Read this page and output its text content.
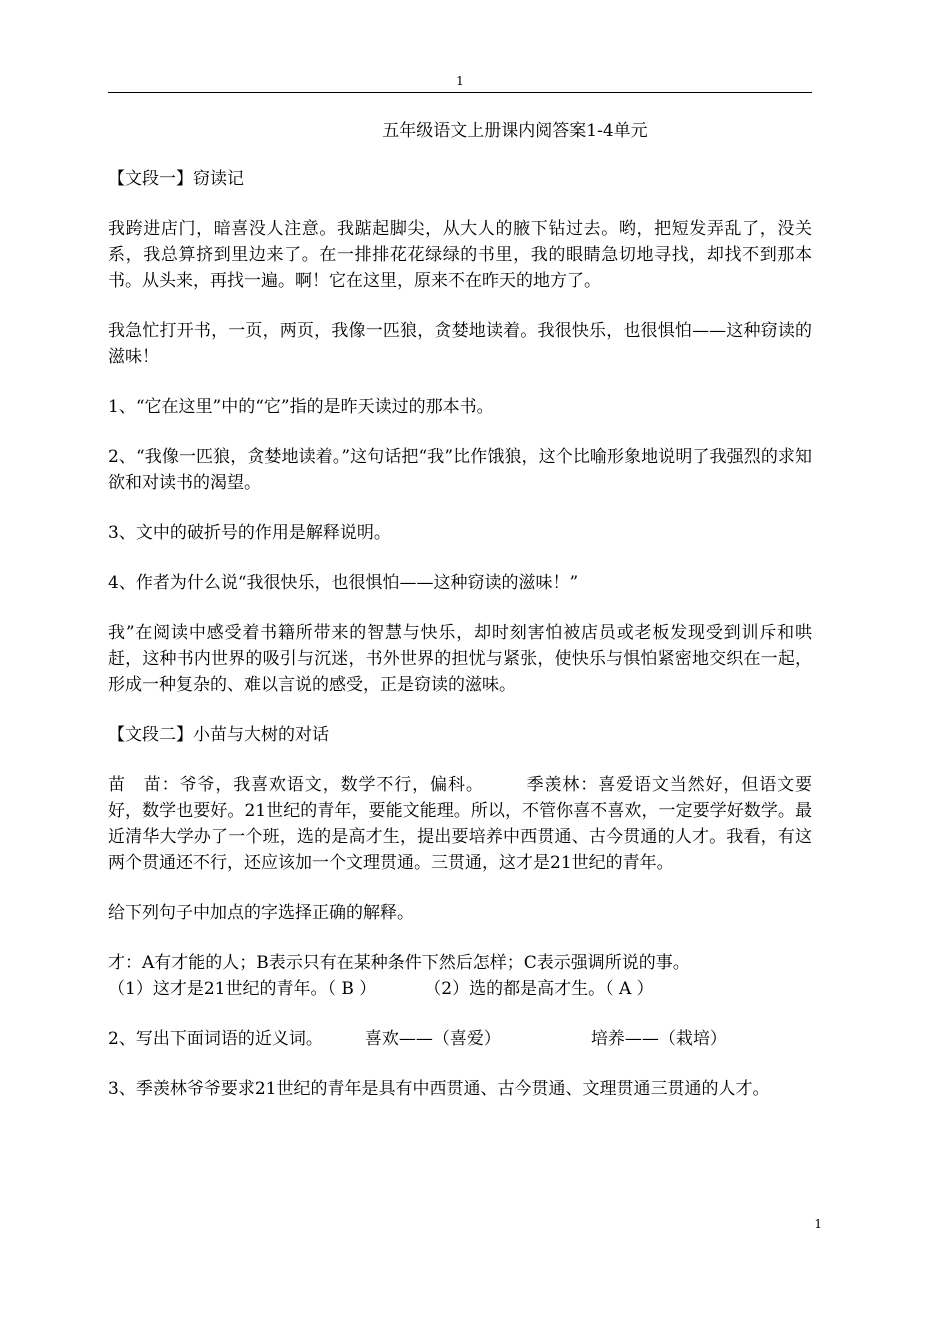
1

五年级语文上册课内阅答案1-4单元

【文段一】窃读记

我跨进店门，暗喜没人注意。我踮起脚尖，从大人的腋下钻过去。哟，把短发弄乱了，没关系，我总算挤到里边来了。在一排排花花绿绿的书里，我的眼睛急切地寻找，却找不到那本书。从头来，再找一遍。啊！它在这里，原来不在昨天的地方了。

我急忙打开书，一页，两页，我像一匹狼，贪婪地读着。我很快乐，也很惧怕——这种窃读的滋味！

1、“它在这里”中的“它”指的是昨天读过的那本书。

2、“我像一匹狼，贪婪地读着。”这句话把“我”比作饿狼，这个比喻形象地说明了我强烈的求知欲和对读书的渴望。

3、文中的破折号的作用是解释说明。

4、作者为什么说“我很快乐，也很惧怕——这种窃读的滋味！”

我”在阅读中感受着书籍所带来的智慧与快乐，却时刻害怕被店员或老板发现受到训斥和哄赶，这种书内世界的吸引与沉迷，书外世界的担忧与紧张，使快乐与惧怕紧密地交织在一起，形成一种复杂的、难以言说的感受，正是窃读的滋味。

【文段二】小苗与大树的对话

苗　苗：爷爷，我喜欢语文，数学不行，偏科。 季羡林：喜爱语文当然好，但语文要好，数学也要好。21世纪的青年，要能文能理。所以，不管你喜不喜欢，一定要学好数学。最近清华大学办了一个班，选的是高才生，提出要培养中西贯通、古今贯通的人才。我看，有这两个贯通还不行，还应该加一个文理贯通。三贯通，这才是21世纪的青年。

给下列句子中加点的字选择正确的解释。

才：A有才能的人；B表示只有在某种条件下然后怎样；C表示强调所说的事。

（1）这才是21世纪的青年。（ B ）	（2）选的都是高才生。（ A ）

2、写出下面词语的近义词。 喜欢——（喜爱）	培养——（栽培）

3、季羡林爷爷要求21世纪的青年是具有中西贯通、古今贯通、文理贯通三贯通的人才。

1
